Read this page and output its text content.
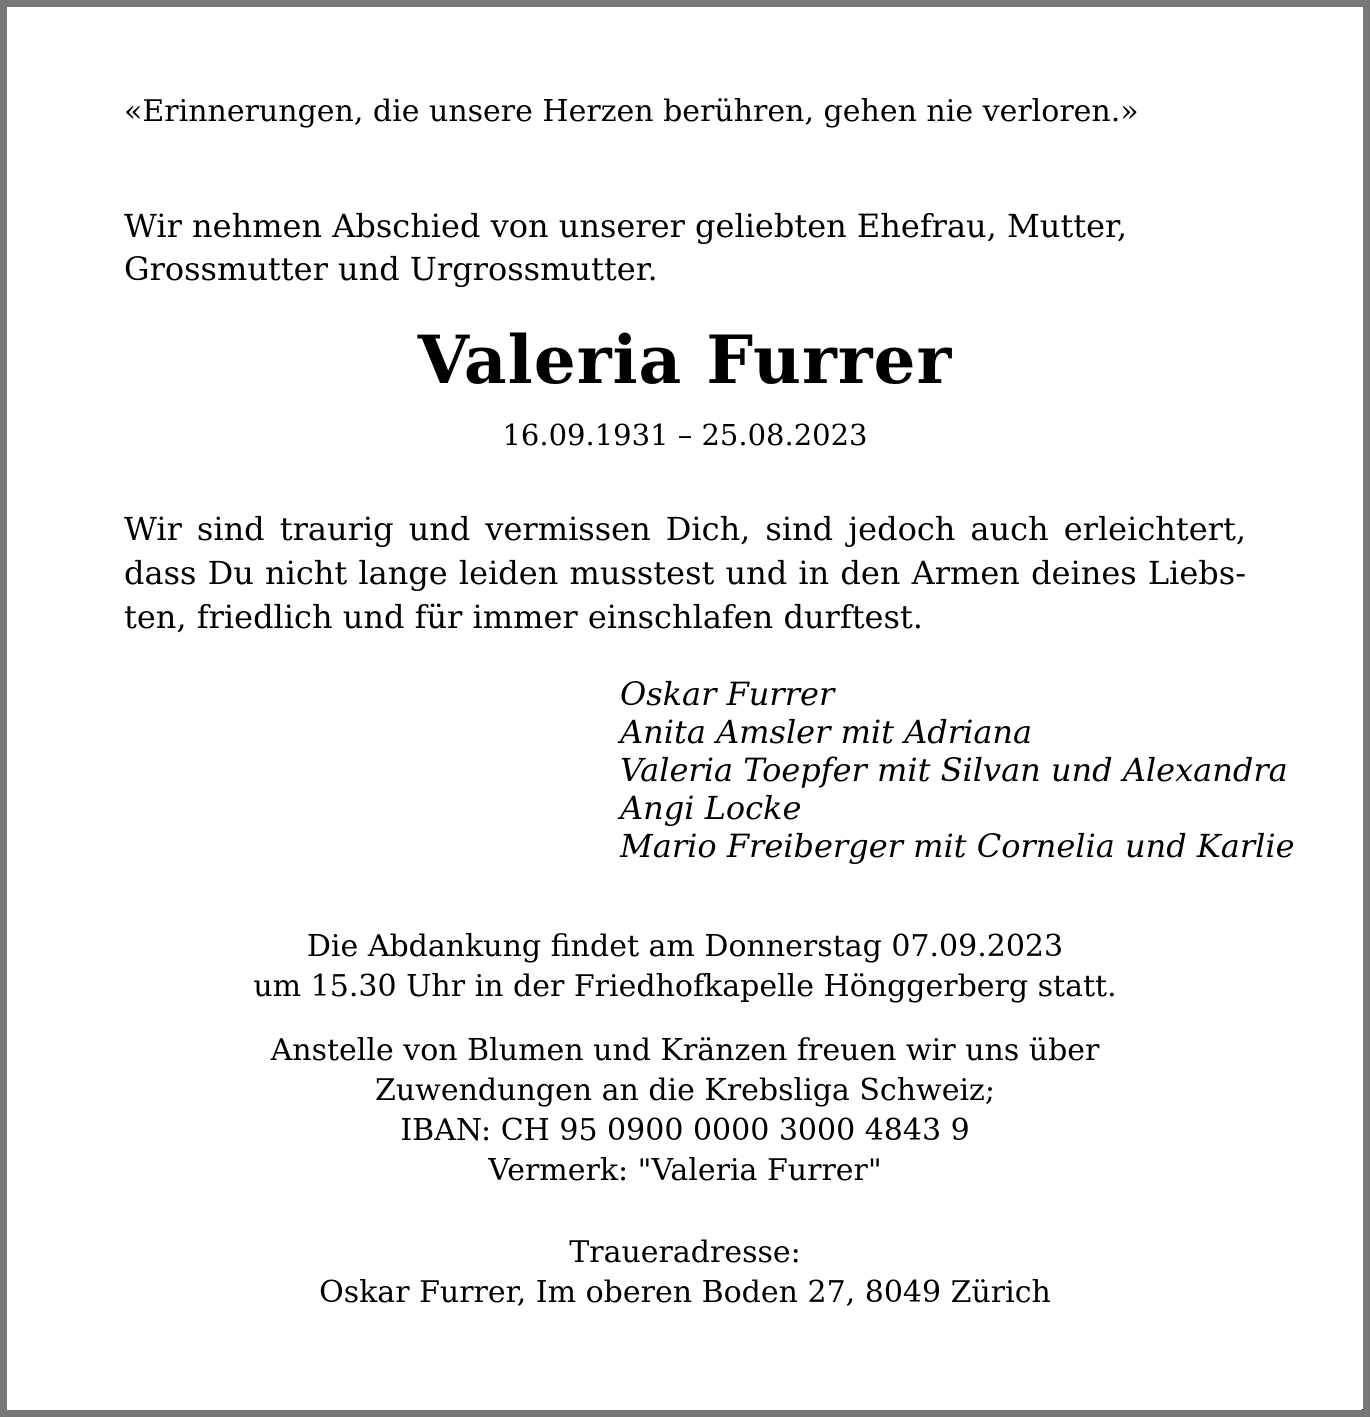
«Erinnerungen, die unsere Herzen berühren, gehen nie verloren.»
Wir nehmen Abschied von unserer geliebten Ehefrau, Mutter,
Grossmutter und Urgrossmutter.
Valeria Furrer
16.09.1931 – 25.08.2023
Wir sind traurig und vermissen Dich, sind jedoch auch erleichtert,
dass Du nicht lange leiden musstest und in den Armen deines Liebs-
ten, friedlich und für immer einschlafen durftest.
Oskar Furrer
Anita Amsler mit Adriana
Valeria Toepfer mit Silvan und Alexandra
Angi Locke
Mario Freiberger mit Cornelia und Karlie
Die Abdankung findet am Donnerstag 07.09.2023
um 15.30 Uhr in der Friedhofkapelle Hönggerberg statt.
Anstelle von Blumen und Kränzen freuen wir uns über
Zuwendungen an die Krebsliga Schweiz;
IBAN: CH 95 0900 0000 3000 4843 9
Vermerk: "Valeria Furrer"
Traueradresse:
Oskar Furrer, Im oberen Boden 27, 8049 Zürich
